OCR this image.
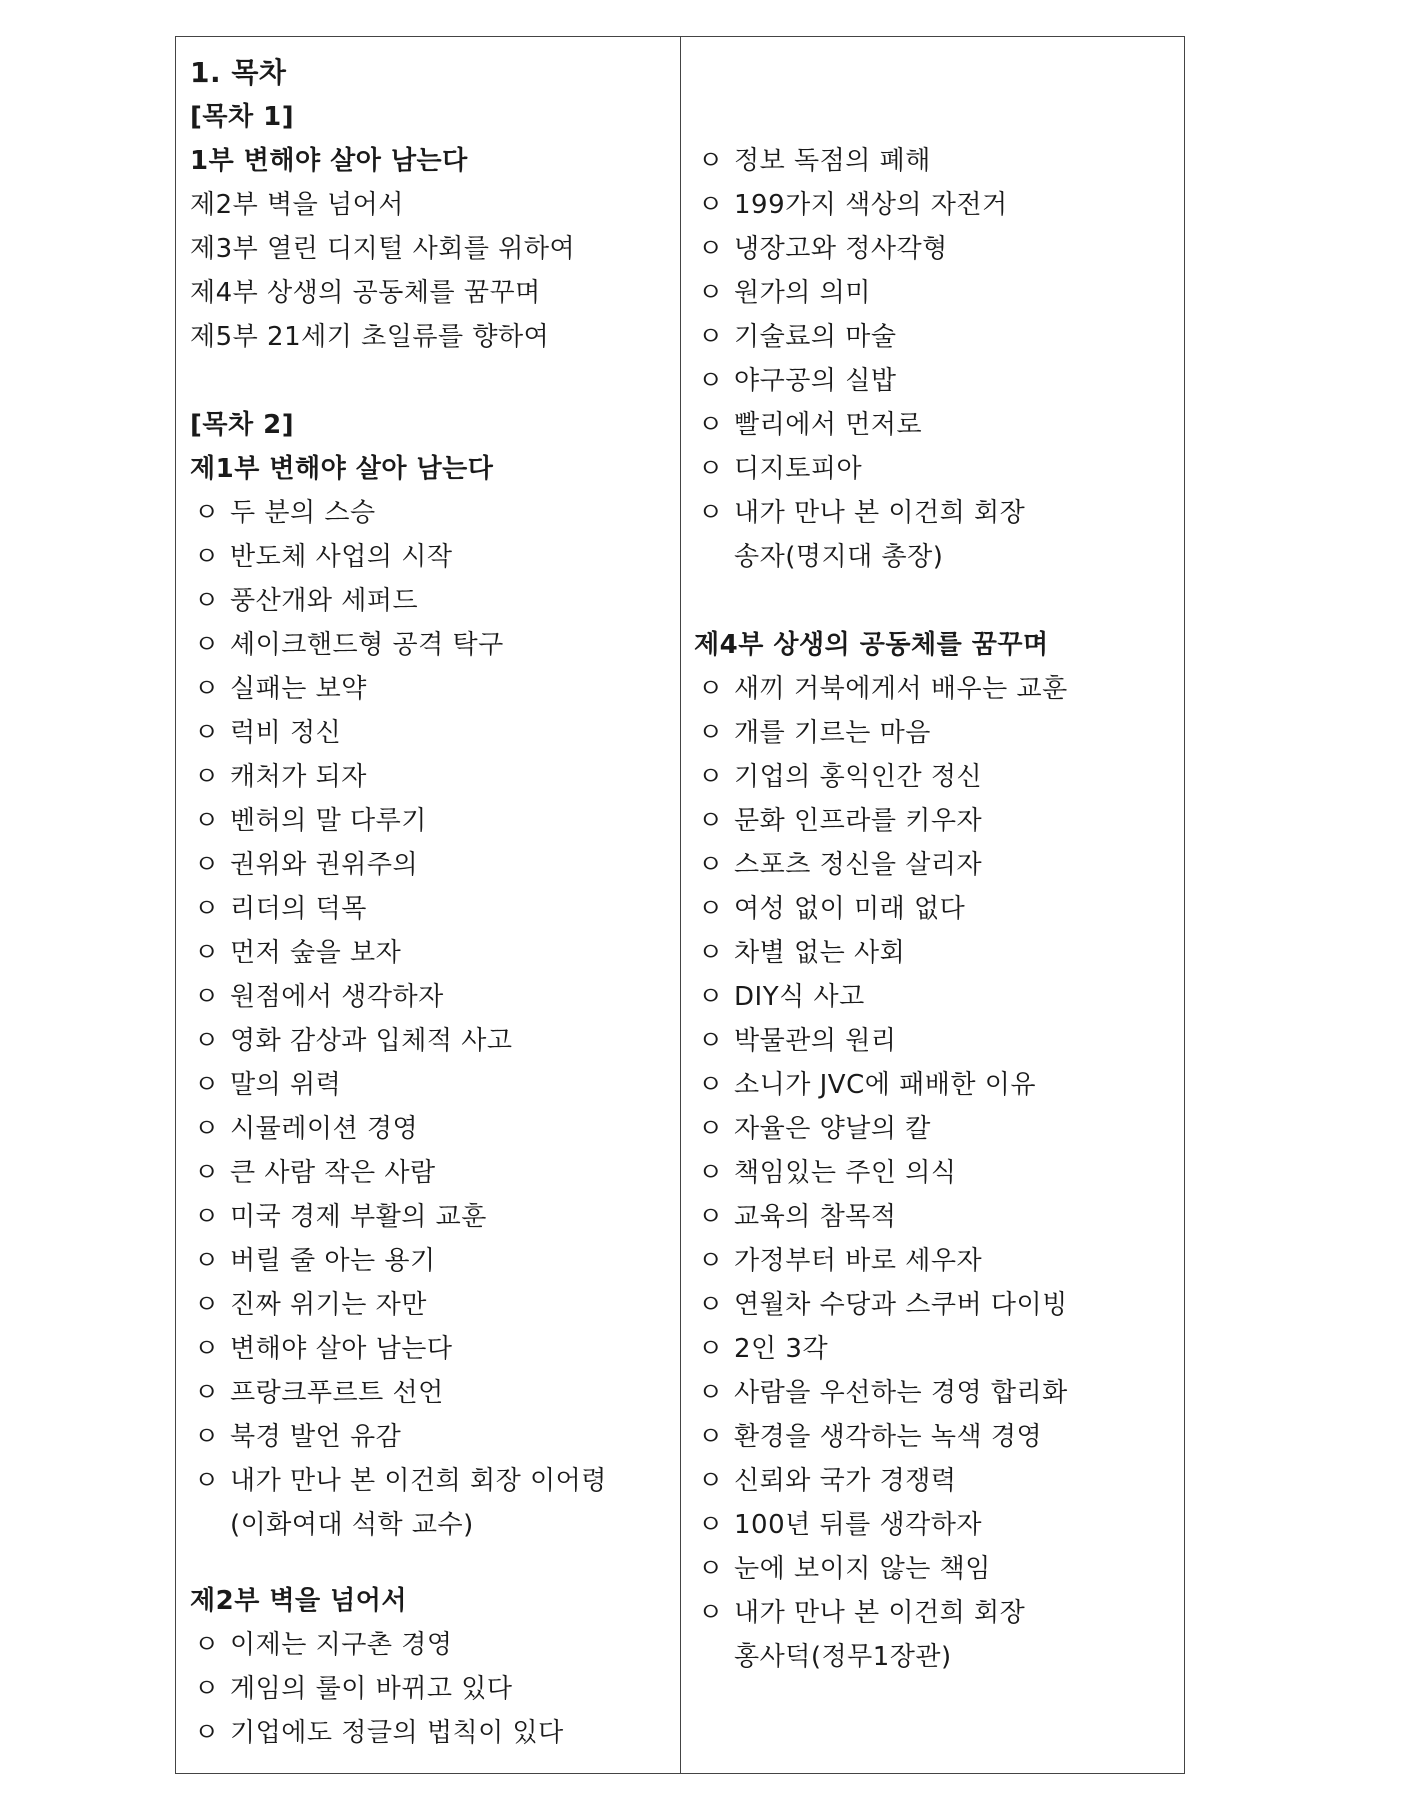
1. 목차
[목차 1]
1부 변해야 살아 남는다
제2부 벽을 넘어서
제3부 열린 디지털 사회를 위하여
제4부 상생의 공동체를 꿈꾸며
제5부 21세기 초일류를 향하여
[목차 2]
제1부 변해야 살아 남는다
ㅇ 두 분의 스승
ㅇ 반도체 사업의 시작
ㅇ 풍산개와 세퍼드
ㅇ 셰이크핸드형 공격 탁구
ㅇ 실패는 보약
ㅇ 럭비 정신
ㅇ 캐처가 되자
ㅇ 벤허의 말 다루기
ㅇ 권위와 권위주의
ㅇ 리더의 덕목
ㅇ 먼저 숲을 보자
ㅇ 원점에서 생각하자
ㅇ 영화 감상과 입체적 사고
ㅇ 말의 위력
ㅇ 시뮬레이션 경영
ㅇ 큰 사람 작은 사람
ㅇ 미국 경제 부활의 교훈
ㅇ 버릴 줄 아는 용기
ㅇ 진짜 위기는 자만
ㅇ 변해야 살아 남는다
ㅇ 프랑크푸르트 선언
ㅇ 북경 발언 유감
ㅇ 내가 만나 본 이건희 회장 이어령
(이화여대 석학 교수)
제2부 벽을 넘어서
ㅇ 이제는 지구촌 경영
ㅇ 게임의 룰이 바뀌고 있다
ㅇ 기업에도 정글의 법칙이 있다
ㅇ 정보 독점의 폐해
ㅇ 199가지 색상의 자전거
ㅇ 냉장고와 정사각형
ㅇ 원가의 의미
ㅇ 기술료의 마술
ㅇ 야구공의 실밥
ㅇ 빨리에서 먼저로
ㅇ 디지토피아
ㅇ 내가 만나 본 이건희 회장
송자(명지대 총장)
제4부 상생의 공동체를 꿈꾸며
ㅇ 새끼 거북에게서 배우는 교훈
ㅇ 개를 기르는 마음
ㅇ 기업의 홍익인간 정신
ㅇ 문화 인프라를 키우자
ㅇ 스포츠 정신을 살리자
ㅇ 여성 없이 미래 없다
ㅇ 차별 없는 사회
ㅇ DIY식 사고
ㅇ 박물관의 원리
ㅇ 소니가 JVC에 패배한 이유
ㅇ 자율은 양날의 칼
ㅇ 책임있는 주인 의식
ㅇ 교육의 참목적
ㅇ 가정부터 바로 세우자
ㅇ 연월차 수당과 스쿠버 다이빙
ㅇ 2인 3각
ㅇ 사람을 우선하는 경영 합리화
ㅇ 환경을 생각하는 녹색 경영
ㅇ 신뢰와 국가 경쟁력
ㅇ 100년 뒤를 생각하자
ㅇ 눈에 보이지 않는 책임
ㅇ 내가 만나 본 이건희 회장
홍사덕(정무1장관)
